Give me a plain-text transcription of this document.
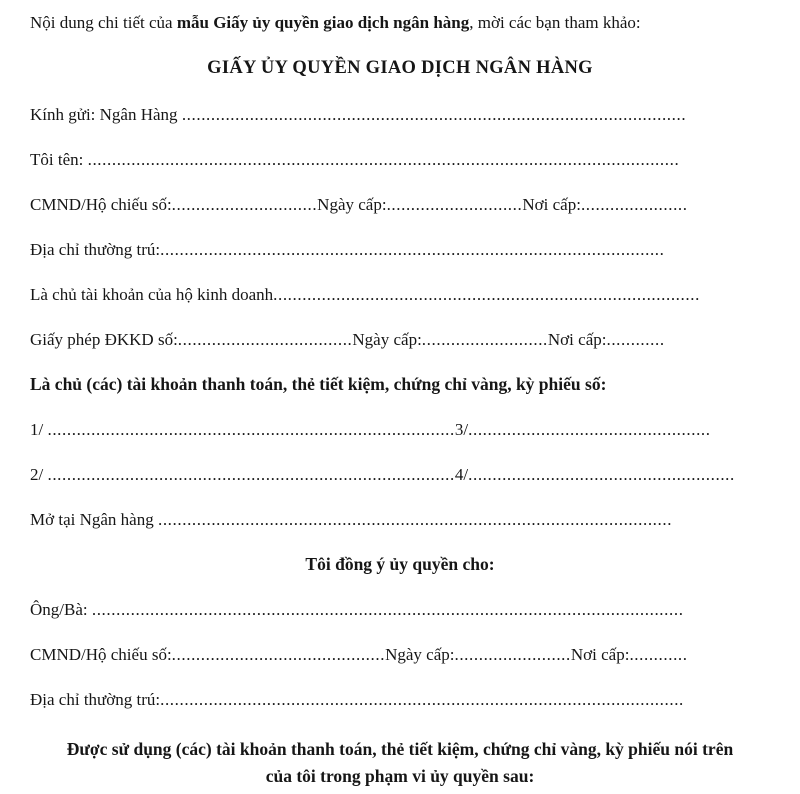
Nội dung chi tiết của mẫu Giấy ủy quyền giao dịch ngân hàng, mời các bạn tham khảo:

GIẤY ỦY QUYỀN GIAO DỊCH NGÂN HÀNG

Kính gửi: Ngân Hàng ........................................................................................................

Tôi tên: ..........................................................................................................................

CMND/Hộ chiếu số:..............................Ngày cấp:............................Nơi cấp:......................

Địa chỉ thường trú:........................................................................................................

Là chủ tài khoản của hộ kinh doanh........................................................................................

Giấy phép ĐKKD số:....................................Ngày cấp:..........................Nơi cấp:............

Là chủ (các) tài khoản thanh toán, thẻ tiết kiệm, chứng chỉ vàng, kỳ phiếu số:

1/ ....................................................................................3/..................................................

2/ ....................................................................................4/.......................................................

Mở tại Ngân hàng ..........................................................................................................

Tôi đồng ý ủy quyền cho:

Ông/Bà: ..........................................................................................................................

CMND/Hộ chiếu số:............................................Ngày cấp:........................Nơi cấp:............

Địa chỉ thường trú:............................................................................................................

Được sử dụng (các) tài khoản thanh toán, thẻ tiết kiệm, chứng chỉ vàng, kỳ phiếu nói trên
của tôi trong phạm vi ủy quyền sau:
